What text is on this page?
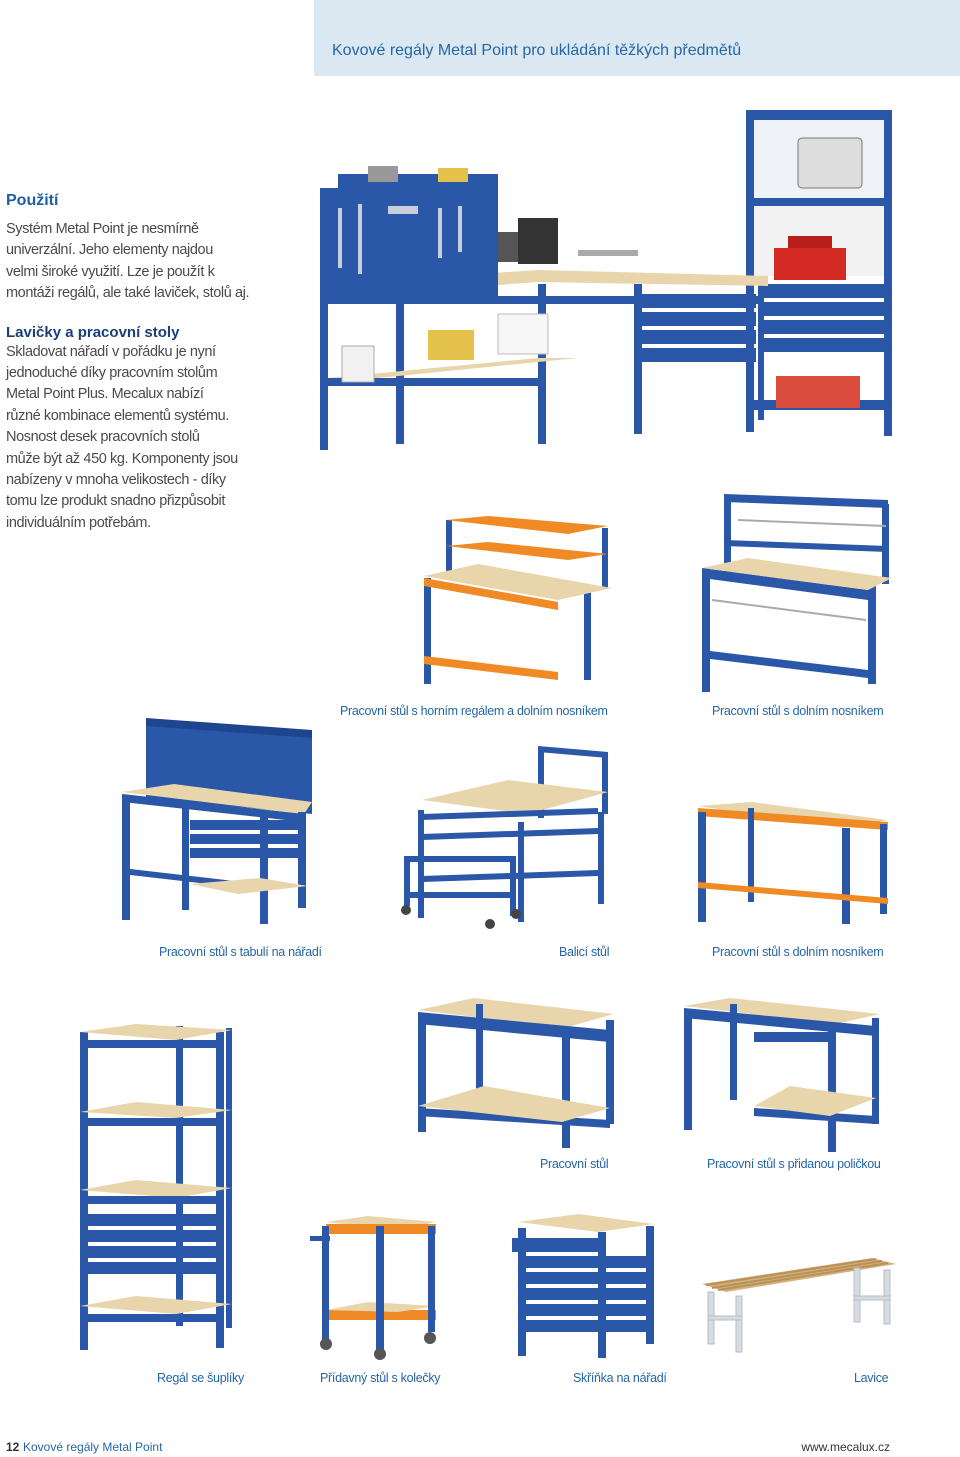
Kovové regály Metal Point pro ukládání těžkých předmětů
Použití

Systém Metal Point je nesmírně
univerzální. Jeho elementy najdou
velmi široké využití. Lze je použít k
montáži regálů, ale také laviček, stolů aj.

Lavičky a pracovní stoly

Skladovat nářadí v pořádku je nyní
jednoduché díky pracovním stolům
Metal Point Plus. Mecalux nabízí
různé kombinace elementů systému.
Nosnost desek pracovních stolů
může být až 450 kg. Komponenty jsou
nabízeny v mnoha velikostech - díky
tomu lze produkt snadno přizpůsobit
individuálním potřebám.

Pracovní stůl s horním regálem a dolním nosníkem	Pracovní stůl s dolním nosníkem
Pracovní stůl s tabulí na nářadí	Balicí stůl	Pracovní stůl s dolním nosníkem
Pracovní stůl	Pracovní stůl s přidanou poličkou
Regál se šuplíky	Přídavný stůl s kolečky	Skříňka na nářadí	Lavice
12 Kovové regály Metal Point	www.mecalux.cz
